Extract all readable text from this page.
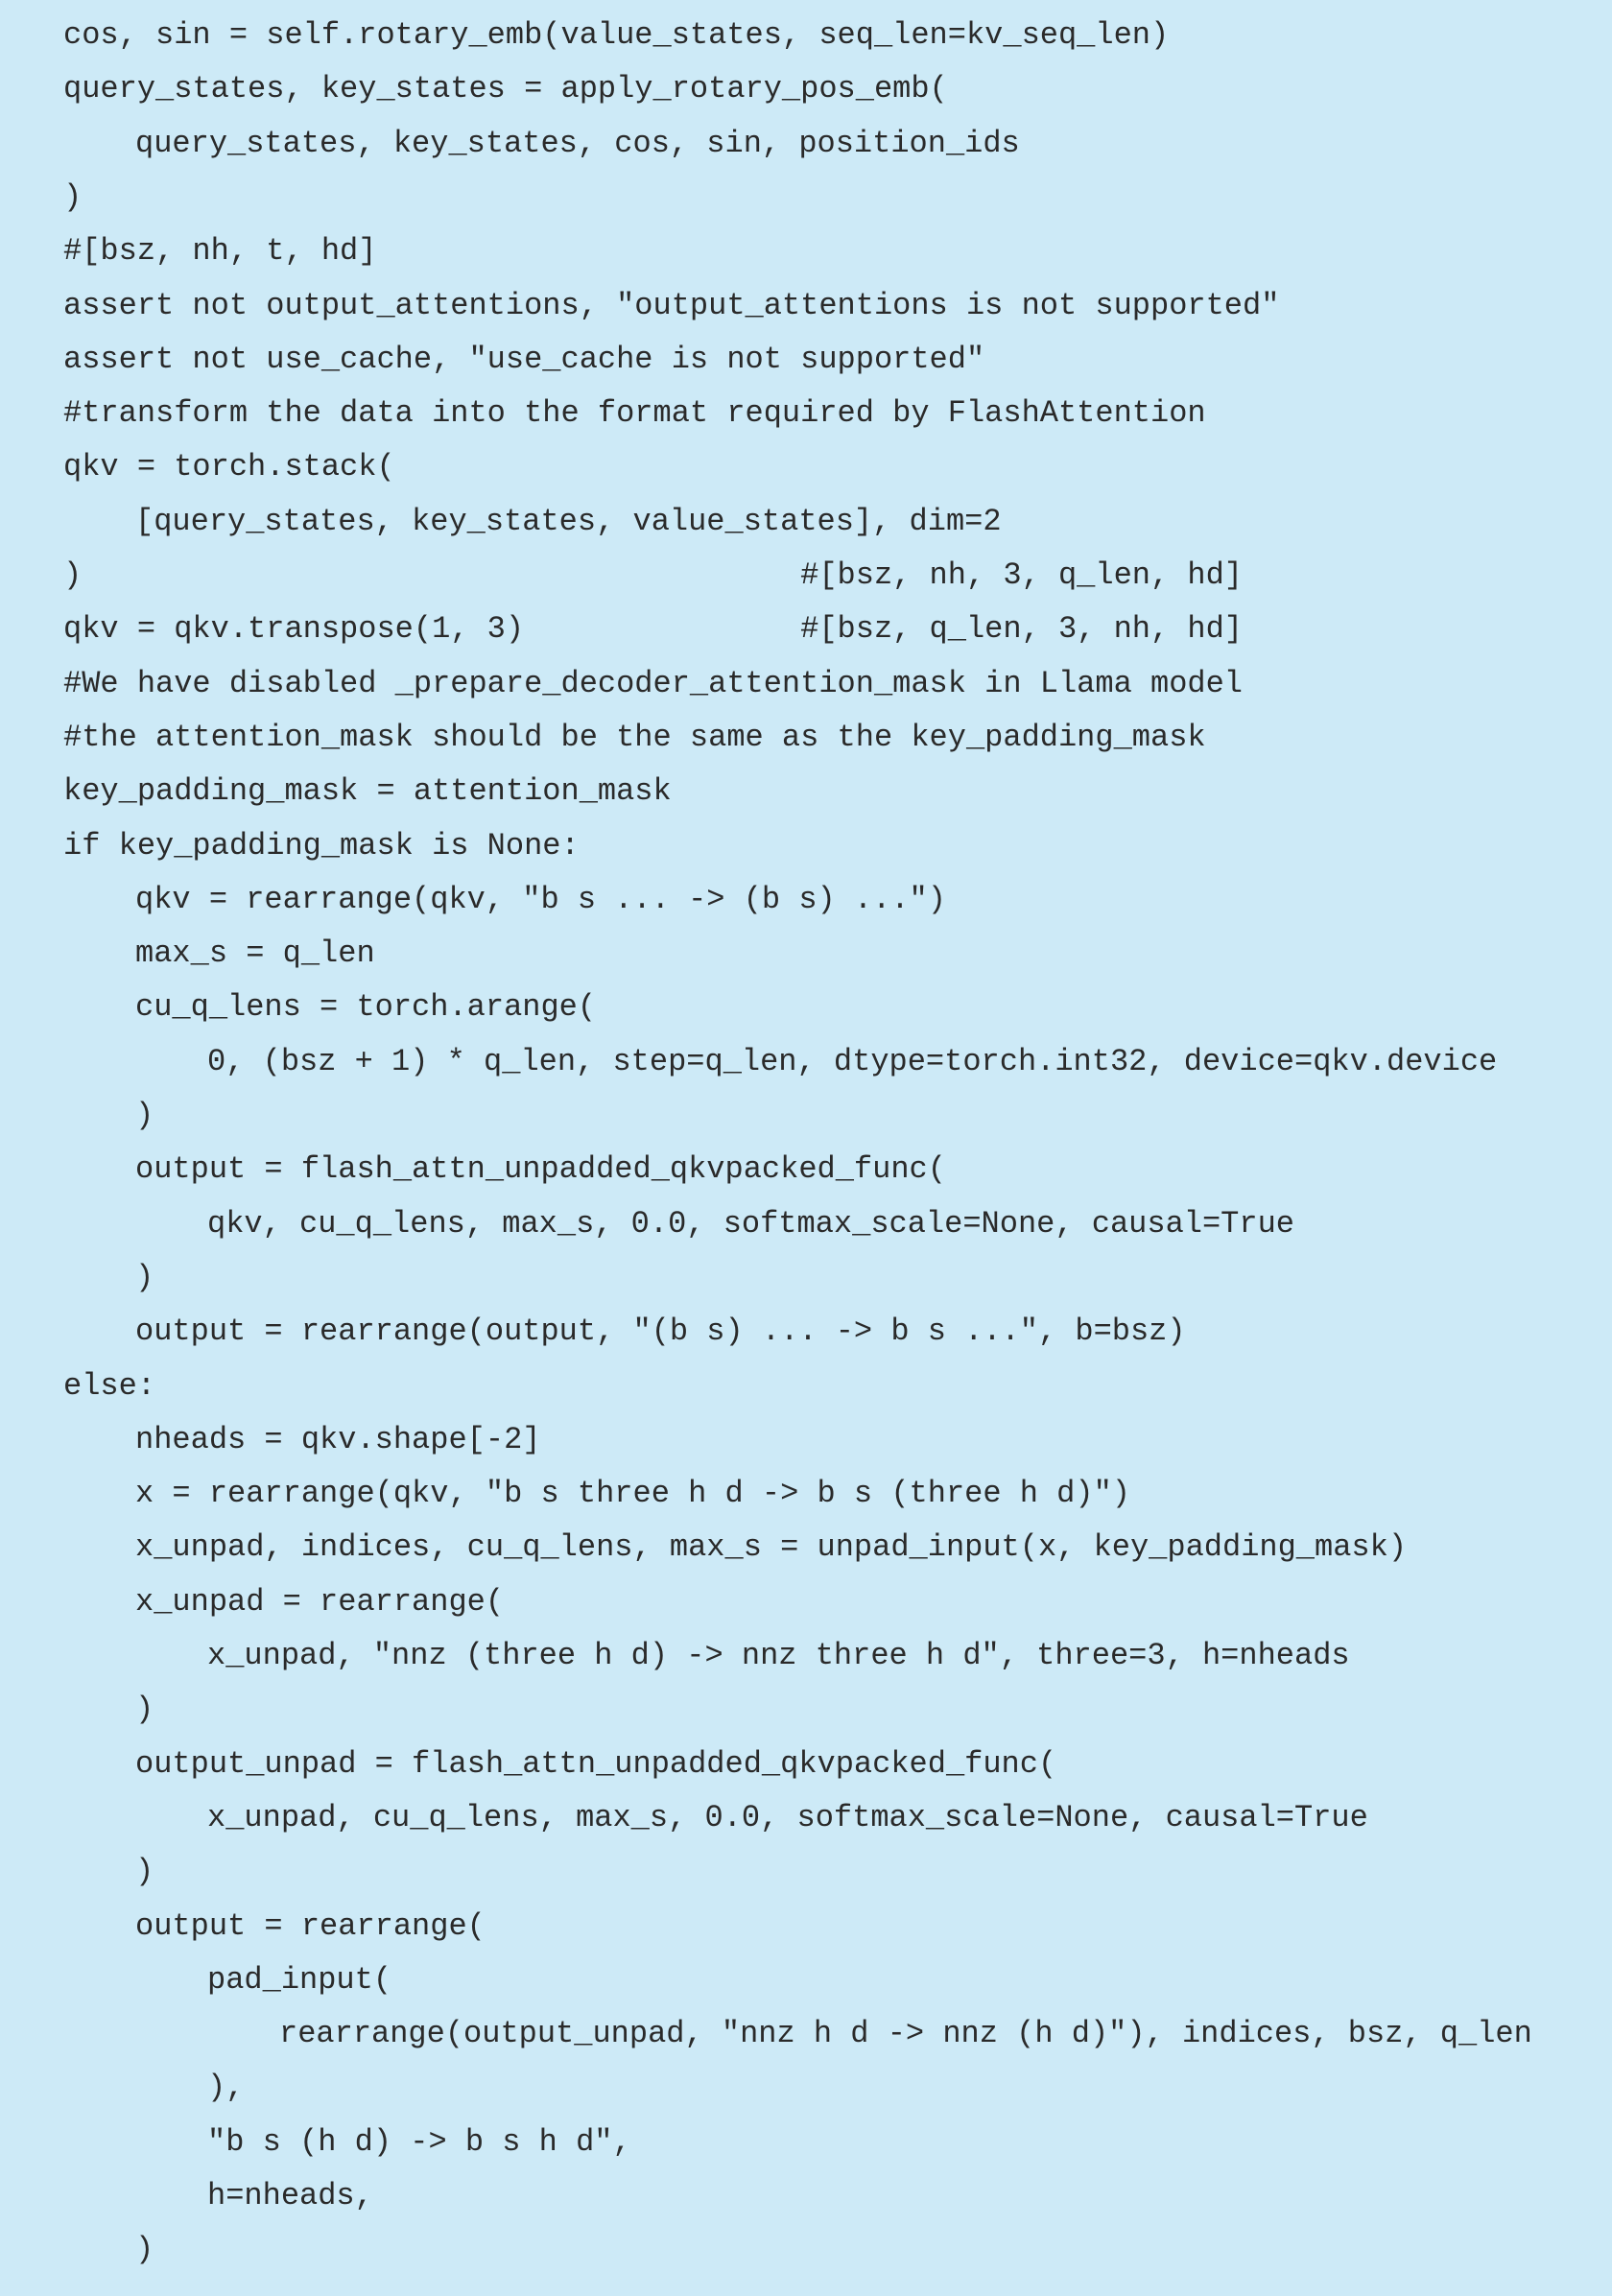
cos, sin = self.rotary_emb(value_states, seq_len=kv_seq_len)
query_states, key_states = apply_rotary_pos_emb(
query_states, key_states, cos, sin, position_ids
)
#[bsz, nh, t, hd]
assert not output_attentions, "output_attentions is not supported"
assert not use_cache, "use_cache is not supported"
#transform the data into the format required by FlashAttention
qkv = torch.stack(
[query_states, key_states, value_states], dim=2
)                                       #[bsz, nh, 3, q_len, hd]
qkv = qkv.transpose(1, 3)               #[bsz, q_len, 3, nh, hd]
#We have disabled _prepare_decoder_attention_mask in Llama model
#the attention_mask should be the same as the key_padding_mask
key_padding_mask = attention_mask
if key_padding_mask is None:
qkv = rearrange(qkv, "b s ... -> (b s) ...")
max_s = q_len
cu_q_lens = torch.arange(
0, (bsz + 1) * q_len, step=q_len, dtype=torch.int32, device=qkv.device
)
output = flash_attn_unpadded_qkvpacked_func(
qkv, cu_q_lens, max_s, 0.0, softmax_scale=None, causal=True
)
output = rearrange(output, "(b s) ... -> b s ...", b=bsz)
else:
nheads = qkv.shape[-2]
x = rearrange(qkv, "b s three h d -> b s (three h d)")
x_unpad, indices, cu_q_lens, max_s = unpad_input(x, key_padding_mask)
x_unpad = rearrange(
x_unpad, "nnz (three h d) -> nnz three h d", three=3, h=nheads
)
output_unpad = flash_attn_unpadded_qkvpacked_func(
x_unpad, cu_q_lens, max_s, 0.0, softmax_scale=None, causal=True
)
output = rearrange(
pad_input(
rearrange(output_unpad, "nnz h d -> nnz (h d)"), indices, bsz, q_len
),
"b s (h d) -> b s h d",
h=nheads,
)
